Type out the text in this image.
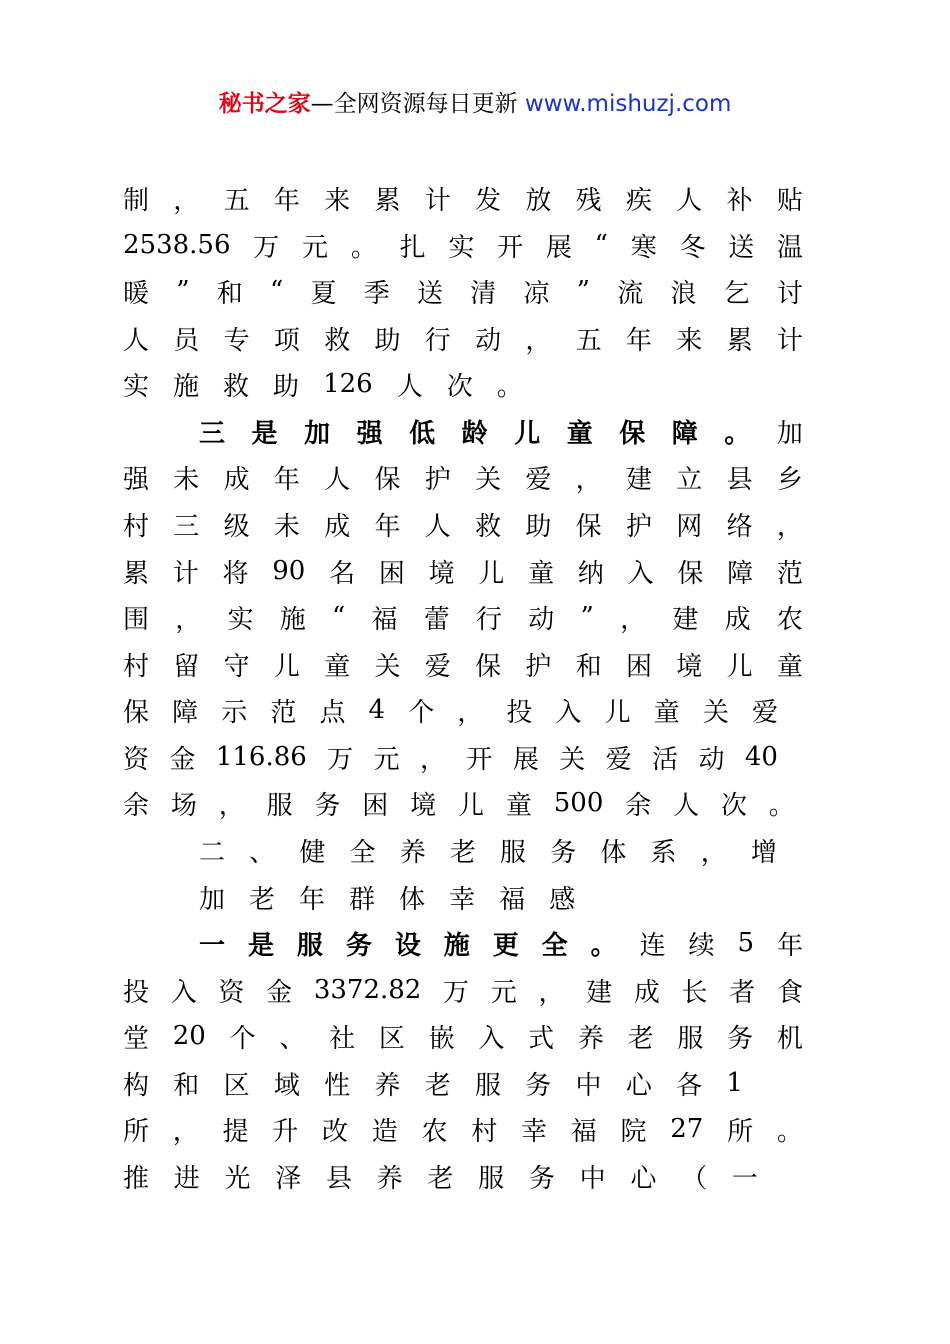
秘书之家—全网资源每日更新 www.mishuzj.com
制 ， 五 年 来 累 计 发 放 残 疾 人 补 贴
2538.56 万 元 。 扎 实 开 展 “ 寒 冬 送 温
暖 ” 和 “ 夏 季 送 清 凉 ” 流 浪 乞 讨
人 员 专 项 救 助 行 动 ， 五 年 来 累 计
实 施 救 助 126 人 次 。
三 是 加 强 低 龄 儿 童 保 障 。 加
强 未 成 年 人 保 护 关 爱 ， 建 立 县 乡
村 三 级 未 成 年 人 救 助 保 护 网 络 ，
累 计 将 90 名 困 境 儿 童 纳 入 保 障 范
围 ， 实 施 “ 福 蕾 行 动 ” ， 建 成 农
村 留 守 儿 童 关 爱 保 护 和 困 境 儿 童
保 障 示 范 点 4 个 ， 投 入 儿 童 关 爱
资 金 116.86 万 元 ， 开 展 关 爱 活 动 40
余 场 ， 服 务 困 境 儿 童 500 余 人 次 。
二 、 健 全 养 老 服 务 体 系 ， 增
加 老 年 群 体 幸 福 感
一 是 服 务 设 施 更 全 。 连 续 5 年
投 入 资 金 3372.82 万 元 ， 建 成 长 者 食
堂 20 个 、 社 区 嵌 入 式 养 老 服 务 机
构 和 区 域 性 养 老 服 务 中 心 各 1
所 ， 提 升 改 造 农 村 幸 福 院 27 所 。
推 进 光 泽 县 养 老 服 务 中 心 （ 一
